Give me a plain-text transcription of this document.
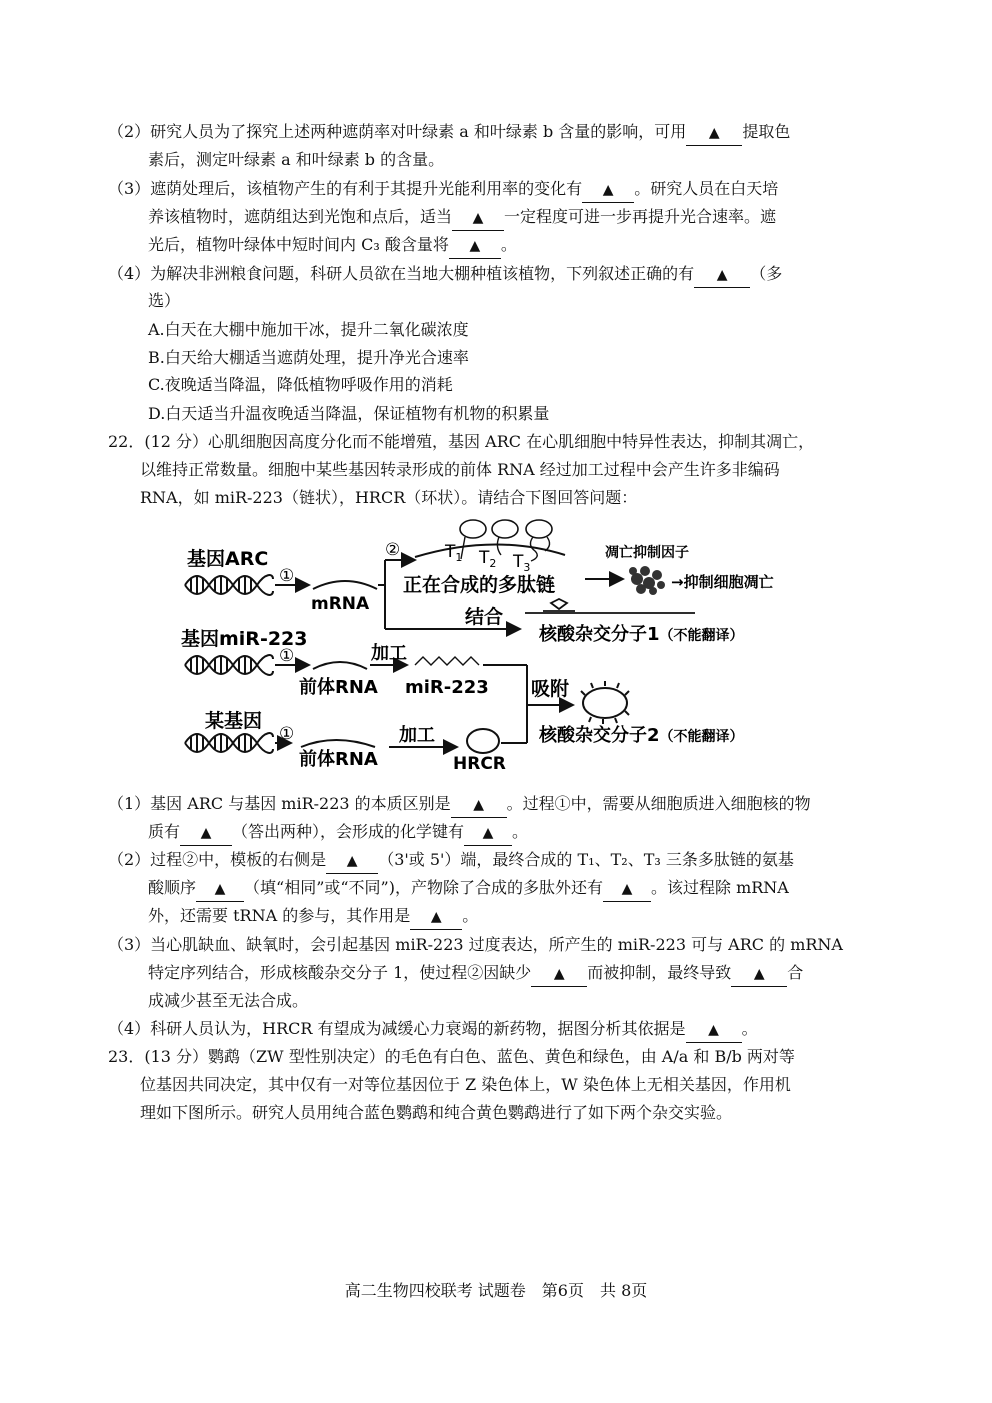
（2）研究人员为了探究上述两种遮荫率对叶绿素 a 和叶绿素 b 含量的影响，可用 ▲ 提取色
素后，测定叶绿素 a 和叶绿素 b 的含量。
（3）遮荫处理后，该植物产生的有利于其提升光能利用率的变化有 ▲ 。研究人员在白天培
养该植物时，遮荫组达到光饱和点后，适当 ▲ 一定程度可进一步再提升光合速率。遮
光后，植物叶绿体中短时间内 C₃ 酸含量将 ▲ 。
（4）为解决非洲粮食问题，科研人员欲在当地大棚种植该植物，下列叙述正确的有 ▲ （多
选）
A.白天在大棚中施加干冰，提升二氧化碳浓度
B.白天给大棚适当遮荫处理，提升净光合速率
C.夜晚适当降温，降低植物呼吸作用的消耗
D.白天适当升温夜晚适当降温，保证植物有机物的积累量
22．(12 分）心肌细胞因高度分化而不能增殖，基因 ARC 在心肌细胞中特异性表达，抑制其凋亡，
以维持正常数量。细胞中某些基因转录形成的前体 RNA 经过加工过程中会产生许多非编码
RNA，如 miR-223（链状），HRCR（环状）。请结合下图回答问题：
基因ARC
①
mRNA
②	$T_1$ $T_2$ $T_3$
正在合成的多肽链
凋亡抑制因子
→抑制细胞凋亡
结合
核酸杂交分子1（不能翻译）
基因miR-223
①	加工
前体RNA miR-223 吸附
核酸杂交分子2（不能翻译）
某基因
①
前体RNA
加工
HRCR
（1）基因 ARC 与基因 miR-223 的本质区别是 ▲ 。过程①中，需要从细胞质进入细胞核的物
质有 ▲ （答出两种），会形成的化学键有 ▲ 。
（2）过程②中，模板的右侧是 ▲ （3'或 5'）端，最终合成的 T₁、T₂、T₃ 三条多肽链的氨基
酸顺序 ▲ （填“相同”或“不同”)，产物除了合成的多肽外还有 ▲ 。该过程除 mRNA
外，还需要 tRNA 的参与，其作用是 ▲ 。
（3）当心肌缺血、缺氧时，会引起基因 miR-223 过度表达，所产生的 miR-223 可与 ARC 的 mRNA
特定序列结合，形成核酸杂交分子 1，使过程②因缺少 ▲ 而被抑制，最终导致 ▲ 合
成减少甚至无法合成。
（4）科研人员认为，HRCR 有望成为减缓心力衰竭的新药物，据图分析其依据是 ▲ 。
23．(13 分）鹦鹉（ZW 型性别决定）的毛色有白色、蓝色、黄色和绿色，由 A/a 和 B/b 两对等
位基因共同决定，其中仅有一对等位基因位于 Z 染色体上，W 染色体上无相关基因，作用机
理如下图所示。研究人员用纯合蓝色鹦鹉和纯合黄色鹦鹉进行了如下两个杂交实验。
高二生物四校联考 试题卷　第6页　共 8页
